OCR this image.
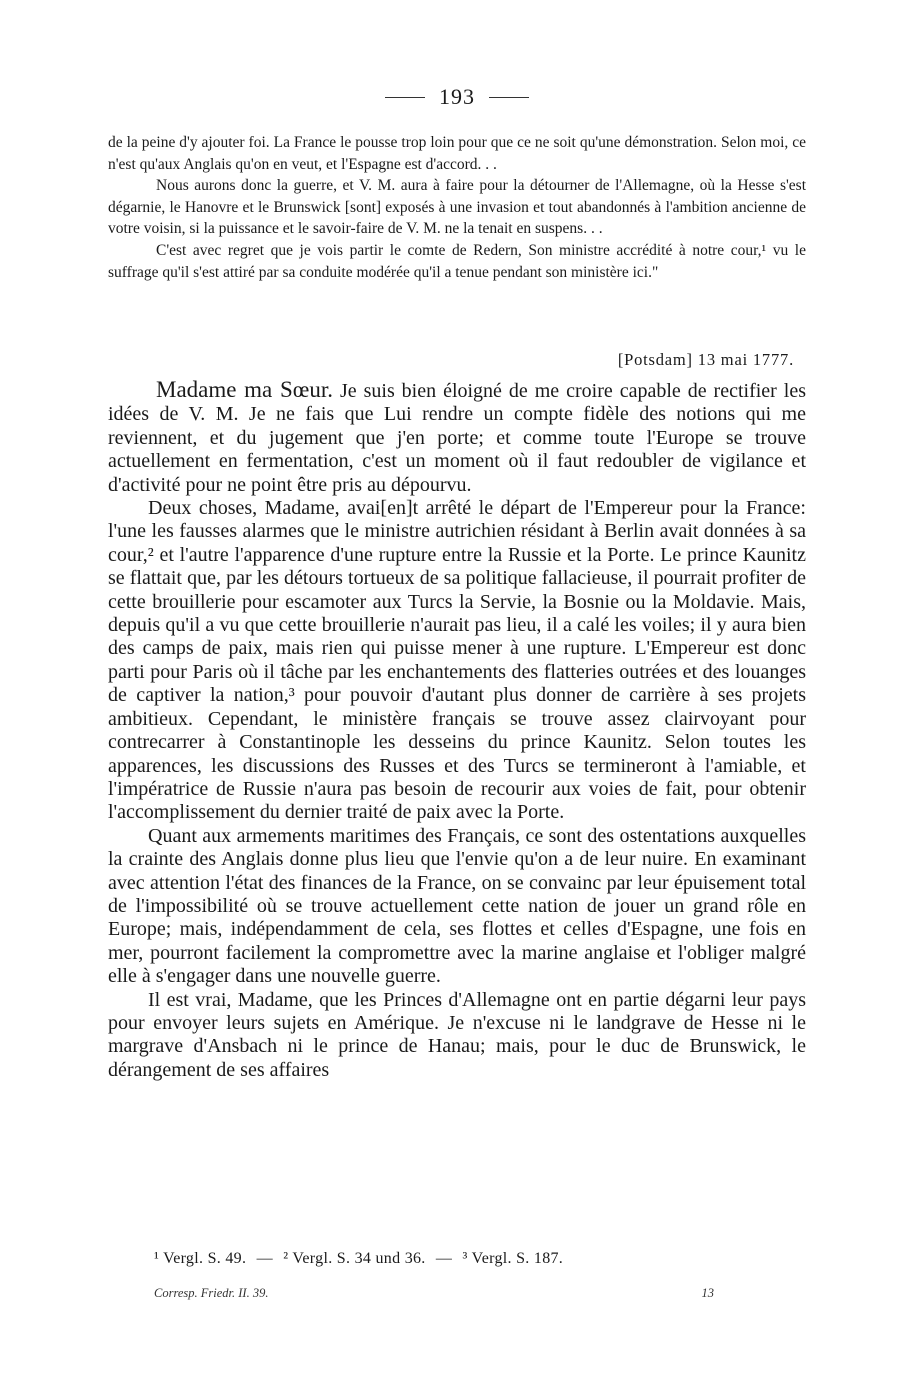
193

de la peine d'y ajouter foi. La France le pousse trop loin pour que ce ne soit qu'une démonstration. Selon moi, ce n'est qu'aux Anglais qu'on en veut, et l'Espagne est d'accord. . .

Nous aurons donc la guerre, et V. M. aura à faire pour la détourner de l'Allemagne, où la Hesse s'est dégarnie, le Hanovre et le Brunswick [sont] exposés à une invasion et tout abandonnés à l'ambition ancienne de votre voisin, si la puissance et le savoir-faire de V. M. ne la tenait en suspens. . .

C'est avec regret que je vois partir le comte de Redern, Son ministre accrédité à notre cour,¹ vu le suffrage qu'il s'est attiré par sa conduite modérée qu'il a tenue pendant son ministère ici."

[Potsdam] 13 mai 1777.

Madame ma Sœur. Je suis bien éloigné de me croire capable de rectifier les idées de V. M. Je ne fais que Lui rendre un compte fidèle des notions qui me reviennent, et du jugement que j'en porte; et comme toute l'Europe se trouve actuellement en fermentation, c'est un moment où il faut redoubler de vigilance et d'activité pour ne point être pris au dépourvu.

Deux choses, Madame, avai[en]t arrêté le départ de l'Empereur pour la France: l'une les fausses alarmes que le ministre autrichien résidant à Berlin avait données à sa cour,² et l'autre l'apparence d'une rupture entre la Russie et la Porte. Le prince Kaunitz se flattait que, par les détours tortueux de sa politique fallacieuse, il pourrait profiter de cette brouillerie pour escamoter aux Turcs la Servie, la Bosnie ou la Moldavie. Mais, depuis qu'il a vu que cette brouillerie n'aurait pas lieu, il a calé les voiles; il y aura bien des camps de paix, mais rien qui puisse mener à une rupture. L'Empereur est donc parti pour Paris où il tâche par les enchantements des flatteries outrées et des louanges de captiver la nation,³ pour pouvoir d'autant plus donner de carrière à ses projets ambitieux. Cependant, le ministère français se trouve assez clairvoyant pour contrecarrer à Constantinople les desseins du prince Kaunitz. Selon toutes les apparences, les discussions des Russes et des Turcs se termineront à l'amiable, et l'impératrice de Russie n'aura pas besoin de recourir aux voies de fait, pour obtenir l'accomplissement du dernier traité de paix avec la Porte.

Quant aux armements maritimes des Français, ce sont des ostentations auxquelles la crainte des Anglais donne plus lieu que l'envie qu'on a de leur nuire. En examinant avec attention l'état des finances de la France, on se convainc par leur épuisement total de l'impossibilité où se trouve actuellement cette nation de jouer un grand rôle en Europe; mais, indépendamment de cela, ses flottes et celles d'Espagne, une fois en mer, pourront facilement la compromettre avec la marine anglaise et l'obliger malgré elle à s'engager dans une nouvelle guerre.

Il est vrai, Madame, que les Princes d'Allemagne ont en partie dégarni leur pays pour envoyer leurs sujets en Amérique. Je n'excuse ni le landgrave de Hesse ni le margrave d'Ansbach ni le prince de Hanau; mais, pour le duc de Brunswick, le dérangement de ses affaires

¹ Vergl. S. 49. — ² Vergl. S. 34 und 36. — ³ Vergl. S. 187.
Corresp. Friedr. II. 39.	13
